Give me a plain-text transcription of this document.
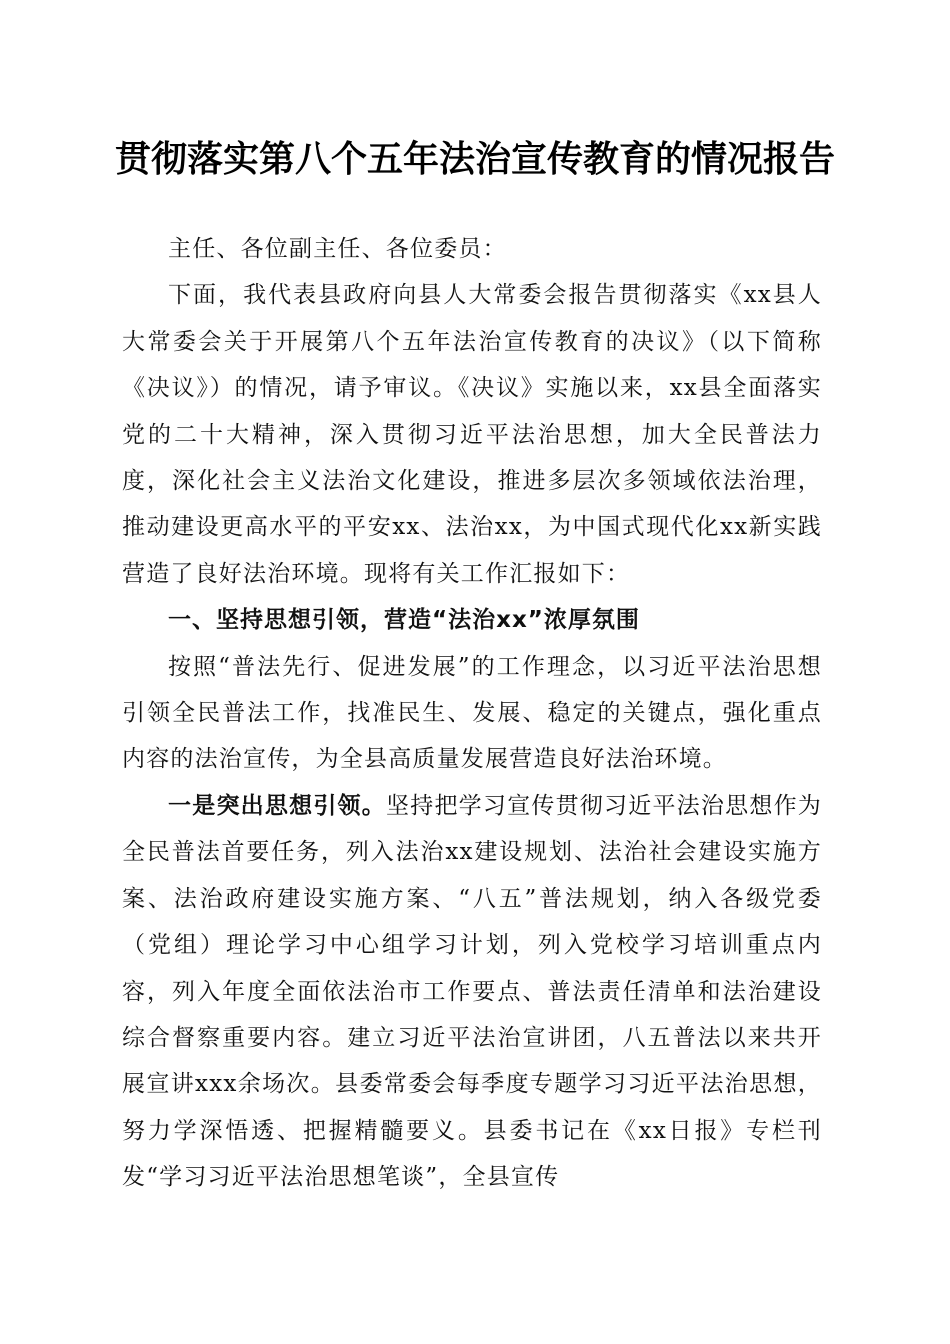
贯彻落实第八个五年法治宣传教育的情况报告

主任、各位副主任、各位委员：

下面，我代表县政府向县人大常委会报告贯彻落实《xx县人大常委会关于开展第八个五年法治宣传教育的决议》（以下简称《决议》）的情况，请予审议。《决议》实施以来，xx县全面落实党的二十大精神，深入贯彻习近平法治思想，加大全民普法力度，深化社会主义法治文化建设，推进多层次多领域依法治理，推动建设更高水平的平安xx、法治xx，为中国式现代化xx新实践营造了良好法治环境。现将有关工作汇报如下：

一、坚持思想引领，营造“法治xx”浓厚氛围

按照“普法先行、促进发展”的工作理念，以习近平法治思想引领全民普法工作，找准民生、发展、稳定的关键点，强化重点内容的法治宣传，为全县高质量发展营造良好法治环境。

一是突出思想引领。坚持把学习宣传贯彻习近平法治思想作为全民普法首要任务，列入法治xx建设规划、法治社会建设实施方案、法治政府建设实施方案、“八五”普法规划，纳入各级党委（党组）理论学习中心组学习计划，列入党校学习培训重点内容，列入年度全面依法治市工作要点、普法责任清单和法治建设综合督察重要内容。建立习近平法治宣讲团，八五普法以来共开展宣讲xxx余场次。县委常委会每季度专题学习习近平法治思想，努力学深悟透、把握精髓要义。县委书记在《xx日报》专栏刊发“学习习近平法治思想笔谈”，全县宣传
